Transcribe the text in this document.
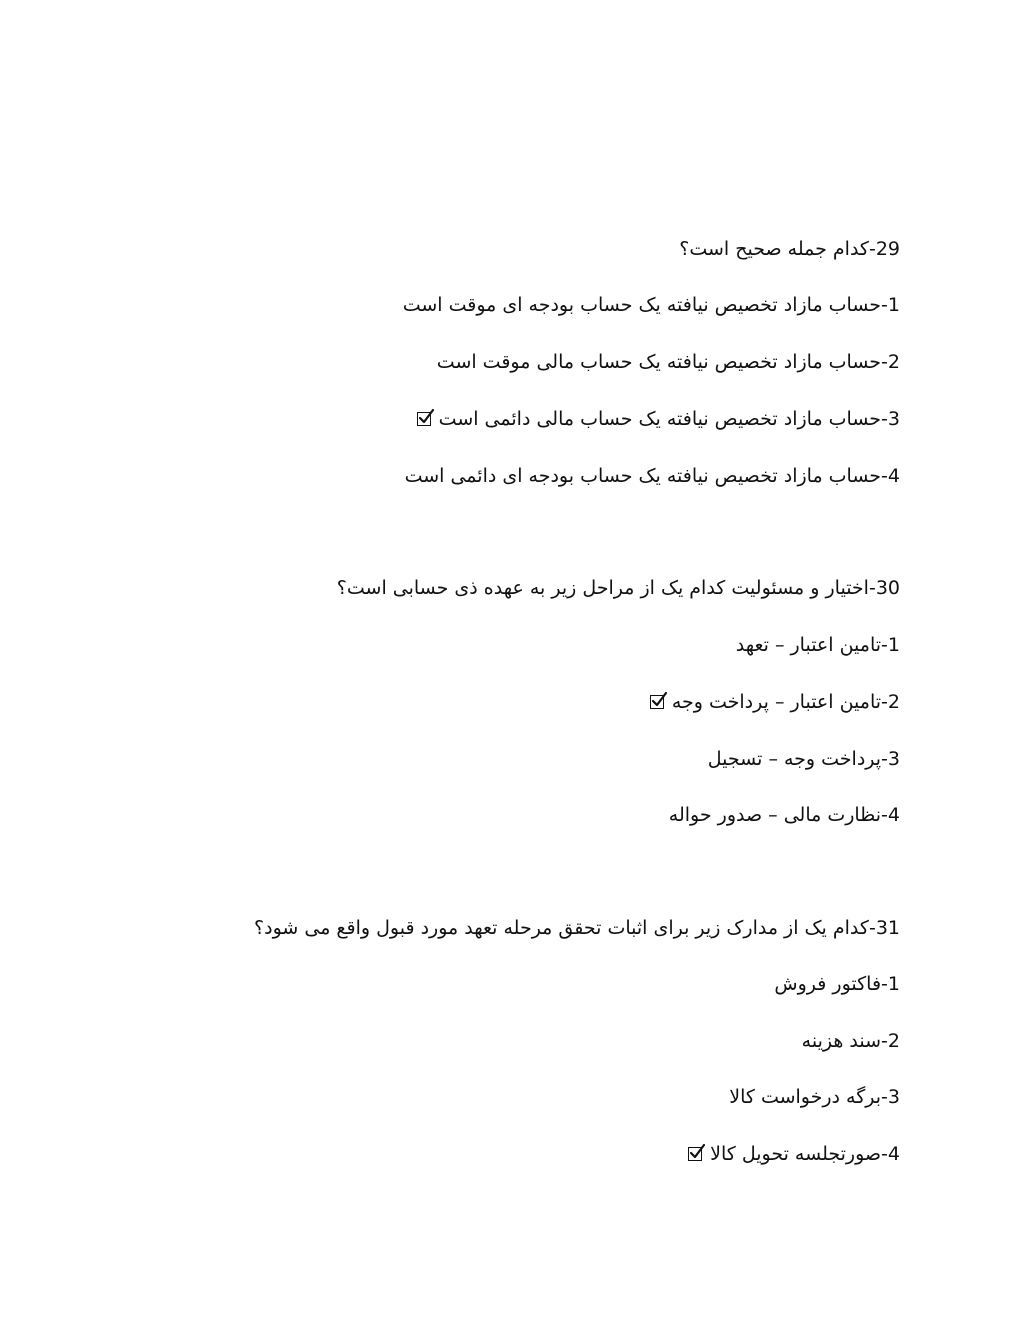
29-کدام جمله صحیح است؟
1-حساب مازاد تخصیص نیافته یک حساب بودجه ای موقت است
2-حساب مازاد تخصیص نیافته یک حساب مالی موقت است
3-حساب مازاد تخصیص نیافته یک حساب مالی دائمی است
4-حساب مازاد تخصیص نیافته یک حساب بودجه ای دائمی است
30-اختیار و مسئولیت کدام یک از مراحل زیر به عهده ذی حسابی است؟
1-تامین اعتبار – تعهد
2-تامین اعتبار – پرداخت وجه
3-پرداخت وجه – تسجیل
4-نظارت مالی – صدور حواله
31-کدام یک از مدارک زیر برای اثبات تحقق مرحله تعهد مورد قبول واقع می شود؟
1-فاکتور فروش
2-سند هزینه
3-برگه درخواست کالا
4-صورتجلسه تحویل کالا
